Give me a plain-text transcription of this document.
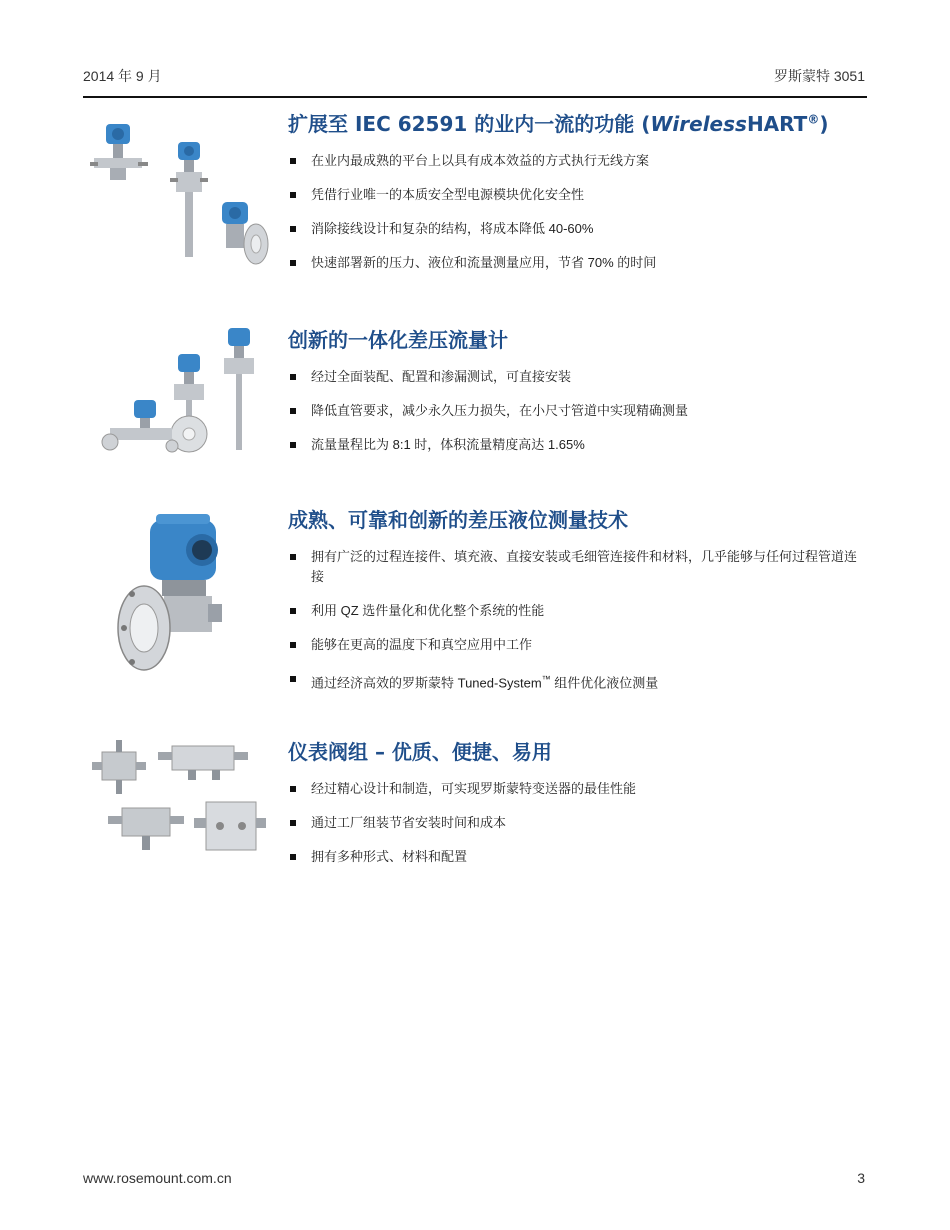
2014 年 9 月	罗斯蒙特 3051
扩展至 IEC 62591 的业内一流的功能 (WirelessHART®)
在业内最成熟的平台上以具有成本效益的方式执行无线方案
凭借行业唯一的本质安全型电源模块优化安全性
消除接线设计和复杂的结构，将成本降低 40-60%
快速部署新的压力、液位和流量测量应用，节省 70% 的时间
创新的一体化差压流量计
经过全面装配、配置和渗漏测试，可直接安装
降低直管要求，减少永久压力损失，在小尺寸管道中实现精确测量
流量量程比为 8:1 时，体积流量精度高达 1.65%
成熟、可靠和创新的差压液位测量技术
拥有广泛的过程连接件、填充液、直接安装或毛细管连接件和材料，几乎能够与任何过程管道连接
利用 QZ 选件量化和优化整个系统的性能
能够在更高的温度下和真空应用中工作
通过经济高效的罗斯蒙特 Tuned-System™ 组件优化液位测量
仪表阀组 – 优质、便捷、易用
经过精心设计和制造，可实现罗斯蒙特变送器的最佳性能
通过工厂组装节省安装时间和成本
拥有多种形式、材料和配置
www.rosemount.com.cn	3
